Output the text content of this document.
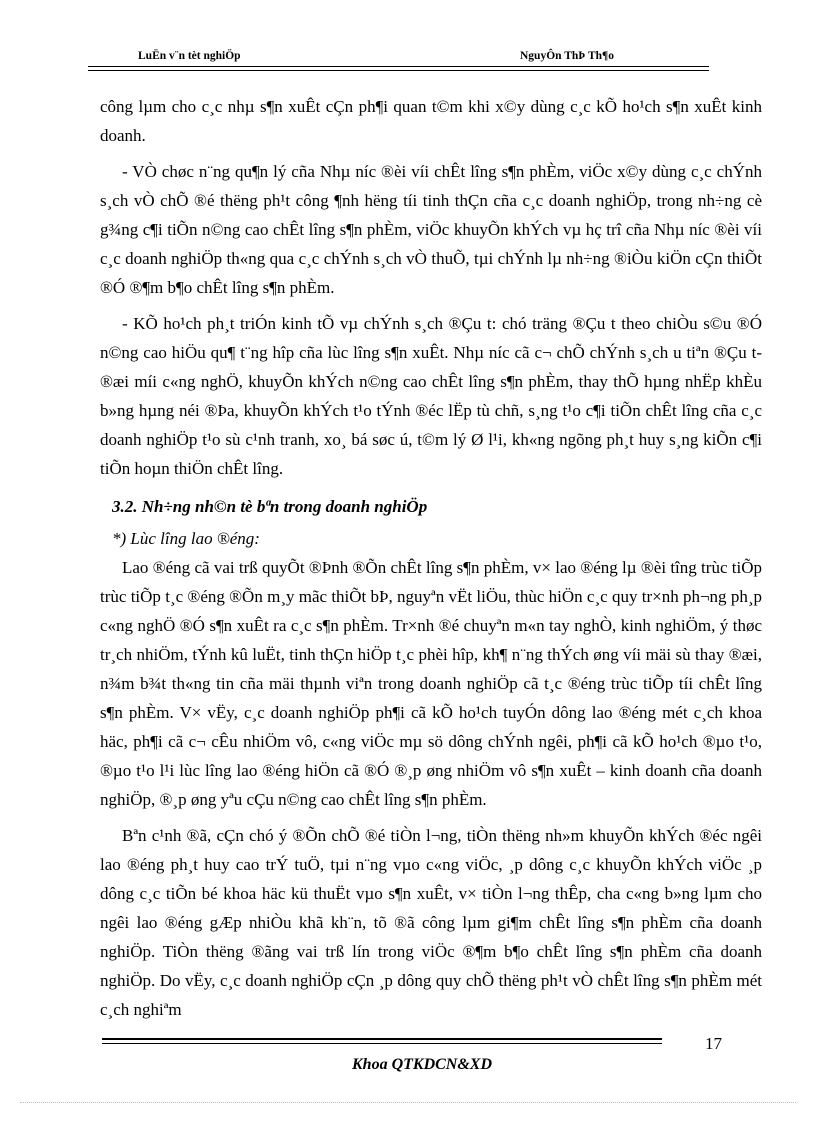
LuËn v¨n tèt nghiÖp	NguyÔn ThÞ Th¶o

công lµm cho c¸c nhµ s¶n xuÊt cÇn ph¶i quan t©m khi x©y dùng c¸c kÕ ho¹ch s¶n xuÊt kinh doanh.

- VÒ chøc n¨ng qu¶n lý cña Nhµ níc ®èi víi chÊt lîng s¶n phÈm, viÖc x©y dùng c¸c chÝnh s¸ch vÒ chÕ ®é thëng ph¹t công ¶nh hëng tíi tinh thÇn cña c¸c doanh nghiÖp, trong nh÷ng cè g¾ng c¶i tiÕn n©ng cao chÊt lîng s¶n phÈm, viÖc khuyÕn khÝch vµ hç trî cña Nhµ níc ®èi víi c¸c doanh nghiÖp th«ng qua c¸c chÝnh s¸ch vÒ thuÕ, tµi chÝnh lµ nh÷ng ®iÒu kiÖn cÇn thiÕt ®Ó ®¶m b¶o chÊt lîng s¶n phÈm.

- KÕ ho¹ch ph¸t triÓn kinh tÕ vµ chÝnh s¸ch ®Çu t: chó träng ®Çu t theo chiÒu s©u ®Ó n©ng cao hiÖu qu¶ t¨ng hîp cña lùc lîng s¶n xuÊt. Nhµ níc cã c¬ chÕ chÝnh s¸ch u tiªn ®Çu t ®æi míi c«ng nghÖ, khuyÕn khÝch n©ng cao chÊt lîng s¶n phÈm, thay thÕ hµng nhËp khÈu b»ng hµng néi ®Þa, khuyÕn khÝch t¹o tÝnh ®éc lËp tù chñ, s¸ng t¹o c¶i tiÕn chÊt lîng cña c¸c doanh nghiÖp t¹o sù c¹nh tranh, xo¸ bá søc ú, t©m lý Ø l¹i, kh«ng ngõng ph¸t huy s¸ng kiÕn c¶i tiÕn hoµn thiÖn chÊt lîng.

3.2. Nh÷ng nh©n tè bªn trong doanh nghiÖp

*) Lùc lîng lao ®éng:

Lao ®éng cã vai trß quyÕt ®Þnh ®Õn chÊt lîng s¶n phÈm, v× lao ®éng lµ ®èi tîng trùc tiÕp trùc tiÕp t¸c ®éng ®Õn m¸y mãc thiÕt bÞ, nguyªn vËt liÖu, thùc hiÖn c¸c quy tr×nh ph¬ng ph¸p c«ng nghÖ ®Ó s¶n xuÊt ra c¸c s¶n phÈm. Tr×nh ®é chuyªn m«n tay nghÒ, kinh nghiÖm, ý thøc tr¸ch nhiÖm, tÝnh kû luËt, tinh thÇn hiÖp t¸c phèi hîp, kh¶ n¨ng thÝch øng víi mäi sù thay ®æi, n¾m b¾t th«ng tin cña mäi thµnh viªn trong doanh nghiÖp cã t¸c ®éng trùc tiÕp tíi chÊt lîng s¶n phÈm. V× vËy, c¸c doanh nghiÖp ph¶i cã kÕ ho¹ch tuyÓn dông lao ®éng mét c¸ch khoa häc, ph¶i cã c¬ cÊu nhiÖm vô, c«ng viÖc mµ sö dông chÝnh ngêi, ph¶i cã kÕ ho¹ch ®µo t¹o, ®µo t¹o l¹i lùc lîng lao ®éng hiÖn cã ®Ó ®¸p øng nhiÖm vô s¶n xuÊt – kinh doanh cña doanh nghiÖp, ®¸p øng yªu cÇu n©ng cao chÊt lîng s¶n phÈm.

Bªn c¹nh ®ã, cÇn chó ý ®Õn chÕ ®é tiÒn l¬ng, tiÒn thëng nh»m khuyÕn khÝch ®éc ngêi lao ®éng ph¸t huy cao trÝ tuÖ, tµi n¨ng vµo c«ng viÖc, ¸p dông c¸c khuyÕn khÝch viÖc ¸p dông c¸c tiÕn bé khoa häc kü thuËt vµo s¶n xuÊt, v× tiÒn l¬ng thÊp, cha c«ng b»ng lµm cho ngêi lao ®éng gÆp nhiÒu khã kh¨n, tõ ®ã công lµm gi¶m chÊt lîng s¶n phÈm cña doanh nghiÖp. TiÒn thëng ®ãng vai trß lín trong viÖc ®¶m b¶o chÊt lîng s¶n phÈm cña doanh nghiÖp. Do vËy, c¸c doanh nghiÖp cÇn ¸p dông quy chÕ thëng ph¹t vÒ chÊt lîng s¶n phÈm mét c¸ch nghiªm

17
Khoa QTKDCN&XD
